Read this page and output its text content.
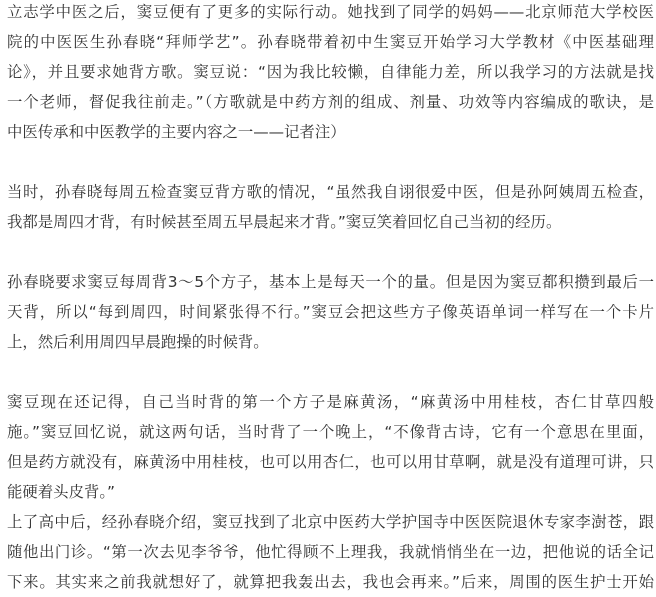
立志学中医之后，窦豆便有了更多的实际行动。她找到了同学的妈妈——北京师范大学校医
院的中医医生孙春晓“拜师学艺”。孙春晓带着初中生窦豆开始学习大学教材《中医基础理
论》，并且要求她背方歌。窦豆说：“因为我比较懒，自律能力差，所以我学习的方法就是找
一个老师，督促我往前走。”（方歌就是中药方剂的组成、剂量、功效等内容编成的歌诀，是
中医传承和中医教学的主要内容之一——记者注）
当时，孙春晓每周五检查窦豆背方歌的情况，“虽然我自诩很爱中医，但是孙阿姨周五检查，
我都是周四才背，有时候甚至周五早晨起来才背。”窦豆笑着回忆自己当初的经历。
孙春晓要求窦豆每周背3～5个方子，基本上是每天一个的量。但是因为窦豆都积攒到最后一
天背，所以“每到周四，时间紧张得不行。”窦豆会把这些方子像英语单词一样写在一个卡片
上，然后利用周四早晨跑操的时候背。
窦豆现在还记得，自己当时背的第一个方子是麻黄汤，“麻黄汤中用桂枝，杏仁甘草四般
施。”窦豆回忆说，就这两句话，当时背了一个晚上，“不像背古诗，它有一个意思在里面，
但是药方就没有，麻黄汤中用桂枝，也可以用杏仁，也可以用甘草啊，就是没有道理可讲，只
能硬着头皮背。”
上了高中后，经孙春晓介绍，窦豆找到了北京中医药大学护国寺中医医院退休专家李澍苍，跟
随他出门诊。“第一次去见李爷爷，他忙得顾不上理我，我就悄悄坐在一边，把他说的话全记
下来。其实来之前我就想好了，就算把我轰出去，我也会再来。”后来，周围的医生护士开始
